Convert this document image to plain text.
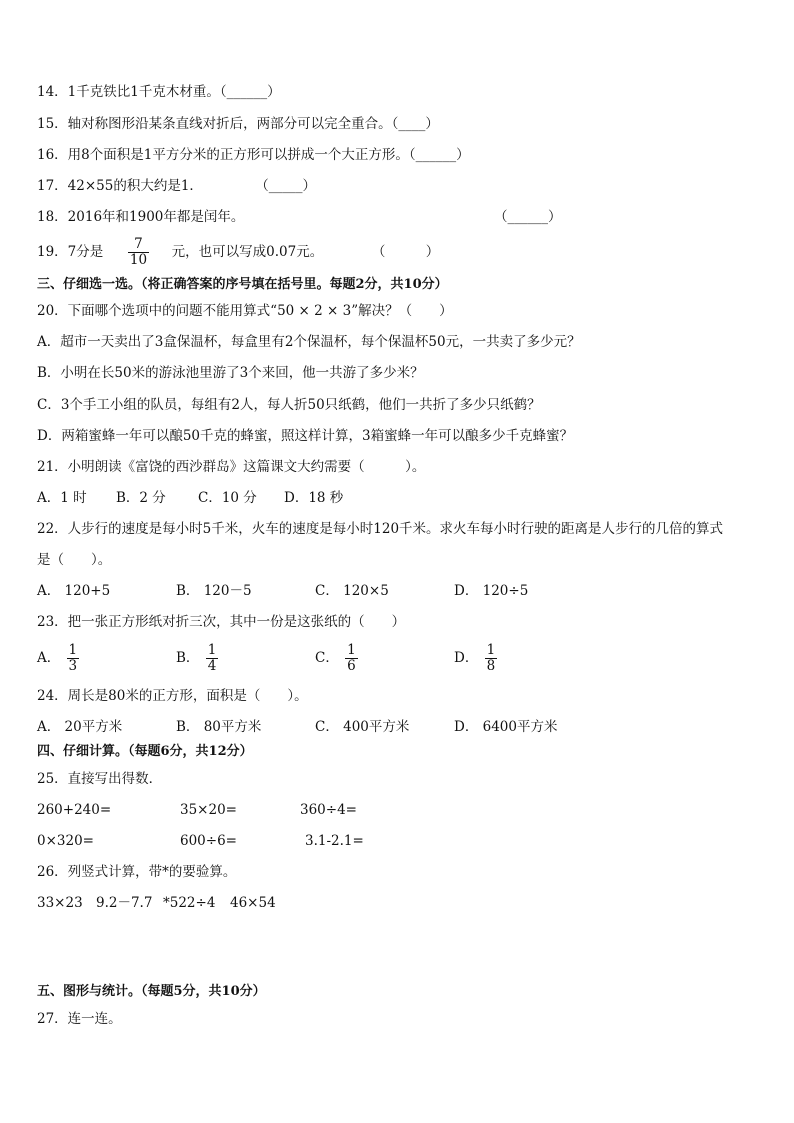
14．1千克铁比1千克木材重。（______）
15．轴对称图形沿某条直线对折后，两部分可以完全重合。（____）
16．用8个面积是1平方分米的正方形可以拼成一个大正方形。（______）
17．42×55的积大约是1．	（_____）
18．2016年和1900年都是闰年。	（______）
19．7分是 $\frac{7}{10}$ 元，也可以写成0.07元。	（　　　）
三、仔细选一选。（将正确答案的序号填在括号里。每题2分，共10分）
20．下面哪个选项中的问题不能用算式“50 × 2 × 3”解决？（　　）
A．超市一天卖出了3盒保温杯，每盒里有2个保温杯，每个保温杯50元，一共卖了多少元？
B．小明在长50米的游泳池里游了3个来回，他一共游了多少米？
C．3个手工小组的队员，每组有2人，每人折50只纸鹤，他们一共折了多少只纸鹤？
D．两箱蜜蜂一年可以酿50千克的蜂蜜，照这样计算，3箱蜜蜂一年可以酿多少千克蜂蜜？
21．小明朗读《富饶的西沙群岛》这篇课文大约需要（　　　）。
A．1 时 B．2 分 C．10 分 D．18 秒
22．人步行的速度是每小时5千米，火车的速度是每小时120千米。求火车每小时行驶的距离是人步行的几倍的算式
是（　　）。
A． 120+5	B． 120－5	C． 120×5	D． 120÷5
23．把一张正方形纸对折三次，其中一份是这张纸的（　　）
A． $\frac{1}{3}$	B． $\frac{1}{4}$	C． $\frac{1}{6}$	D． $\frac{1}{8}$
24．周长是80米的正方形，面积是（　　）。
A． 20平方米	B． 80平方米	C． 400平方米	D． 6400平方米
四、仔细计算。（每题6分，共12分）
25．直接写出得数．
260+240=	35×20=	360÷4=
0×320=	600÷6=	3.1-2.1=
26．列竖式计算，带*的要验算。
33×23 9.2－7.7 *522÷4 46×54
五、图形与统计。（每题5分，共10分）
27．连一连。
